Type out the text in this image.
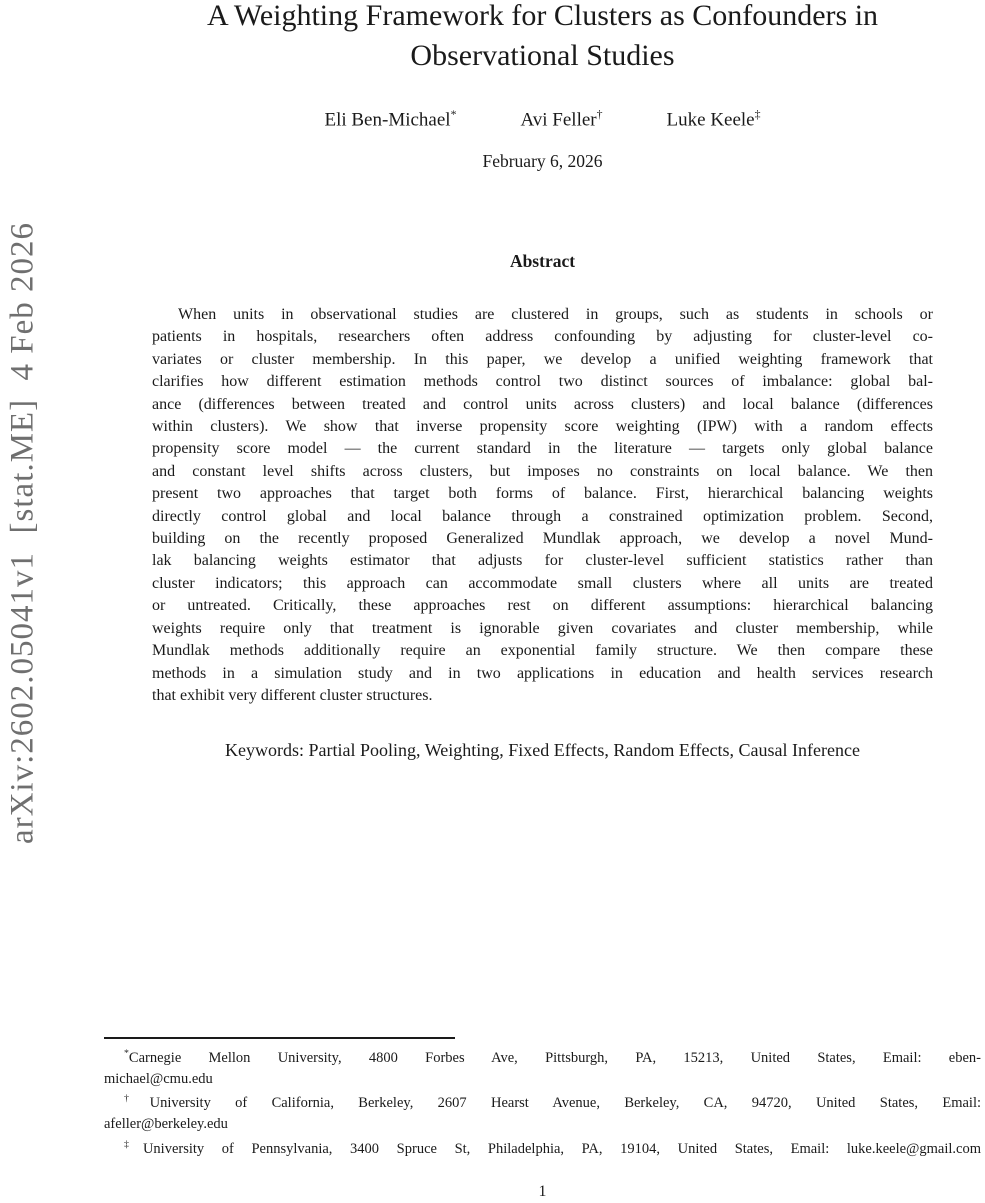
arXiv:2602.05041v1  [stat.ME]  4 Feb 2026
A Weighting Framework for Clusters as Confounders in
Observational Studies
Eli Ben-Michael*	Avi Feller†	Luke Keele‡
February 6, 2026
Abstract
When units in observational studies are clustered in groups, such as students in schools or
patients in hospitals, researchers often address confounding by adjusting for cluster-level co-
variates or cluster membership. In this paper, we develop a unified weighting framework that
clarifies how different estimation methods control two distinct sources of imbalance: global bal-
ance (differences between treated and control units across clusters) and local balance (differences
within clusters). We show that inverse propensity score weighting (IPW) with a random effects
propensity score model — the current standard in the literature — targets only global balance
and constant level shifts across clusters, but imposes no constraints on local balance. We then
present two approaches that target both forms of balance. First, hierarchical balancing weights
directly control global and local balance through a constrained optimization problem. Second,
building on the recently proposed Generalized Mundlak approach, we develop a novel Mund-
lak balancing weights estimator that adjusts for cluster-level sufficient statistics rather than
cluster indicators; this approach can accommodate small clusters where all units are treated
or untreated. Critically, these approaches rest on different assumptions: hierarchical balancing
weights require only that treatment is ignorable given covariates and cluster membership, while
Mundlak methods additionally require an exponential family structure. We then compare these
methods in a simulation study and in two applications in education and health services research
that exhibit very different cluster structures.
Keywords: Partial Pooling, Weighting, Fixed Effects, Random Effects, Causal Inference
*Carnegie Mellon University, 4800 Forbes Ave, Pittsburgh, PA, 15213, United States, Email: eben-
michael@cmu.edu
†University of California, Berkeley, 2607 Hearst Avenue, Berkeley, CA, 94720, United States, Email:
afeller@berkeley.edu
‡University of Pennsylvania, 3400 Spruce St, Philadelphia, PA, 19104, United States, Email: luke.keele@gmail.com
1
